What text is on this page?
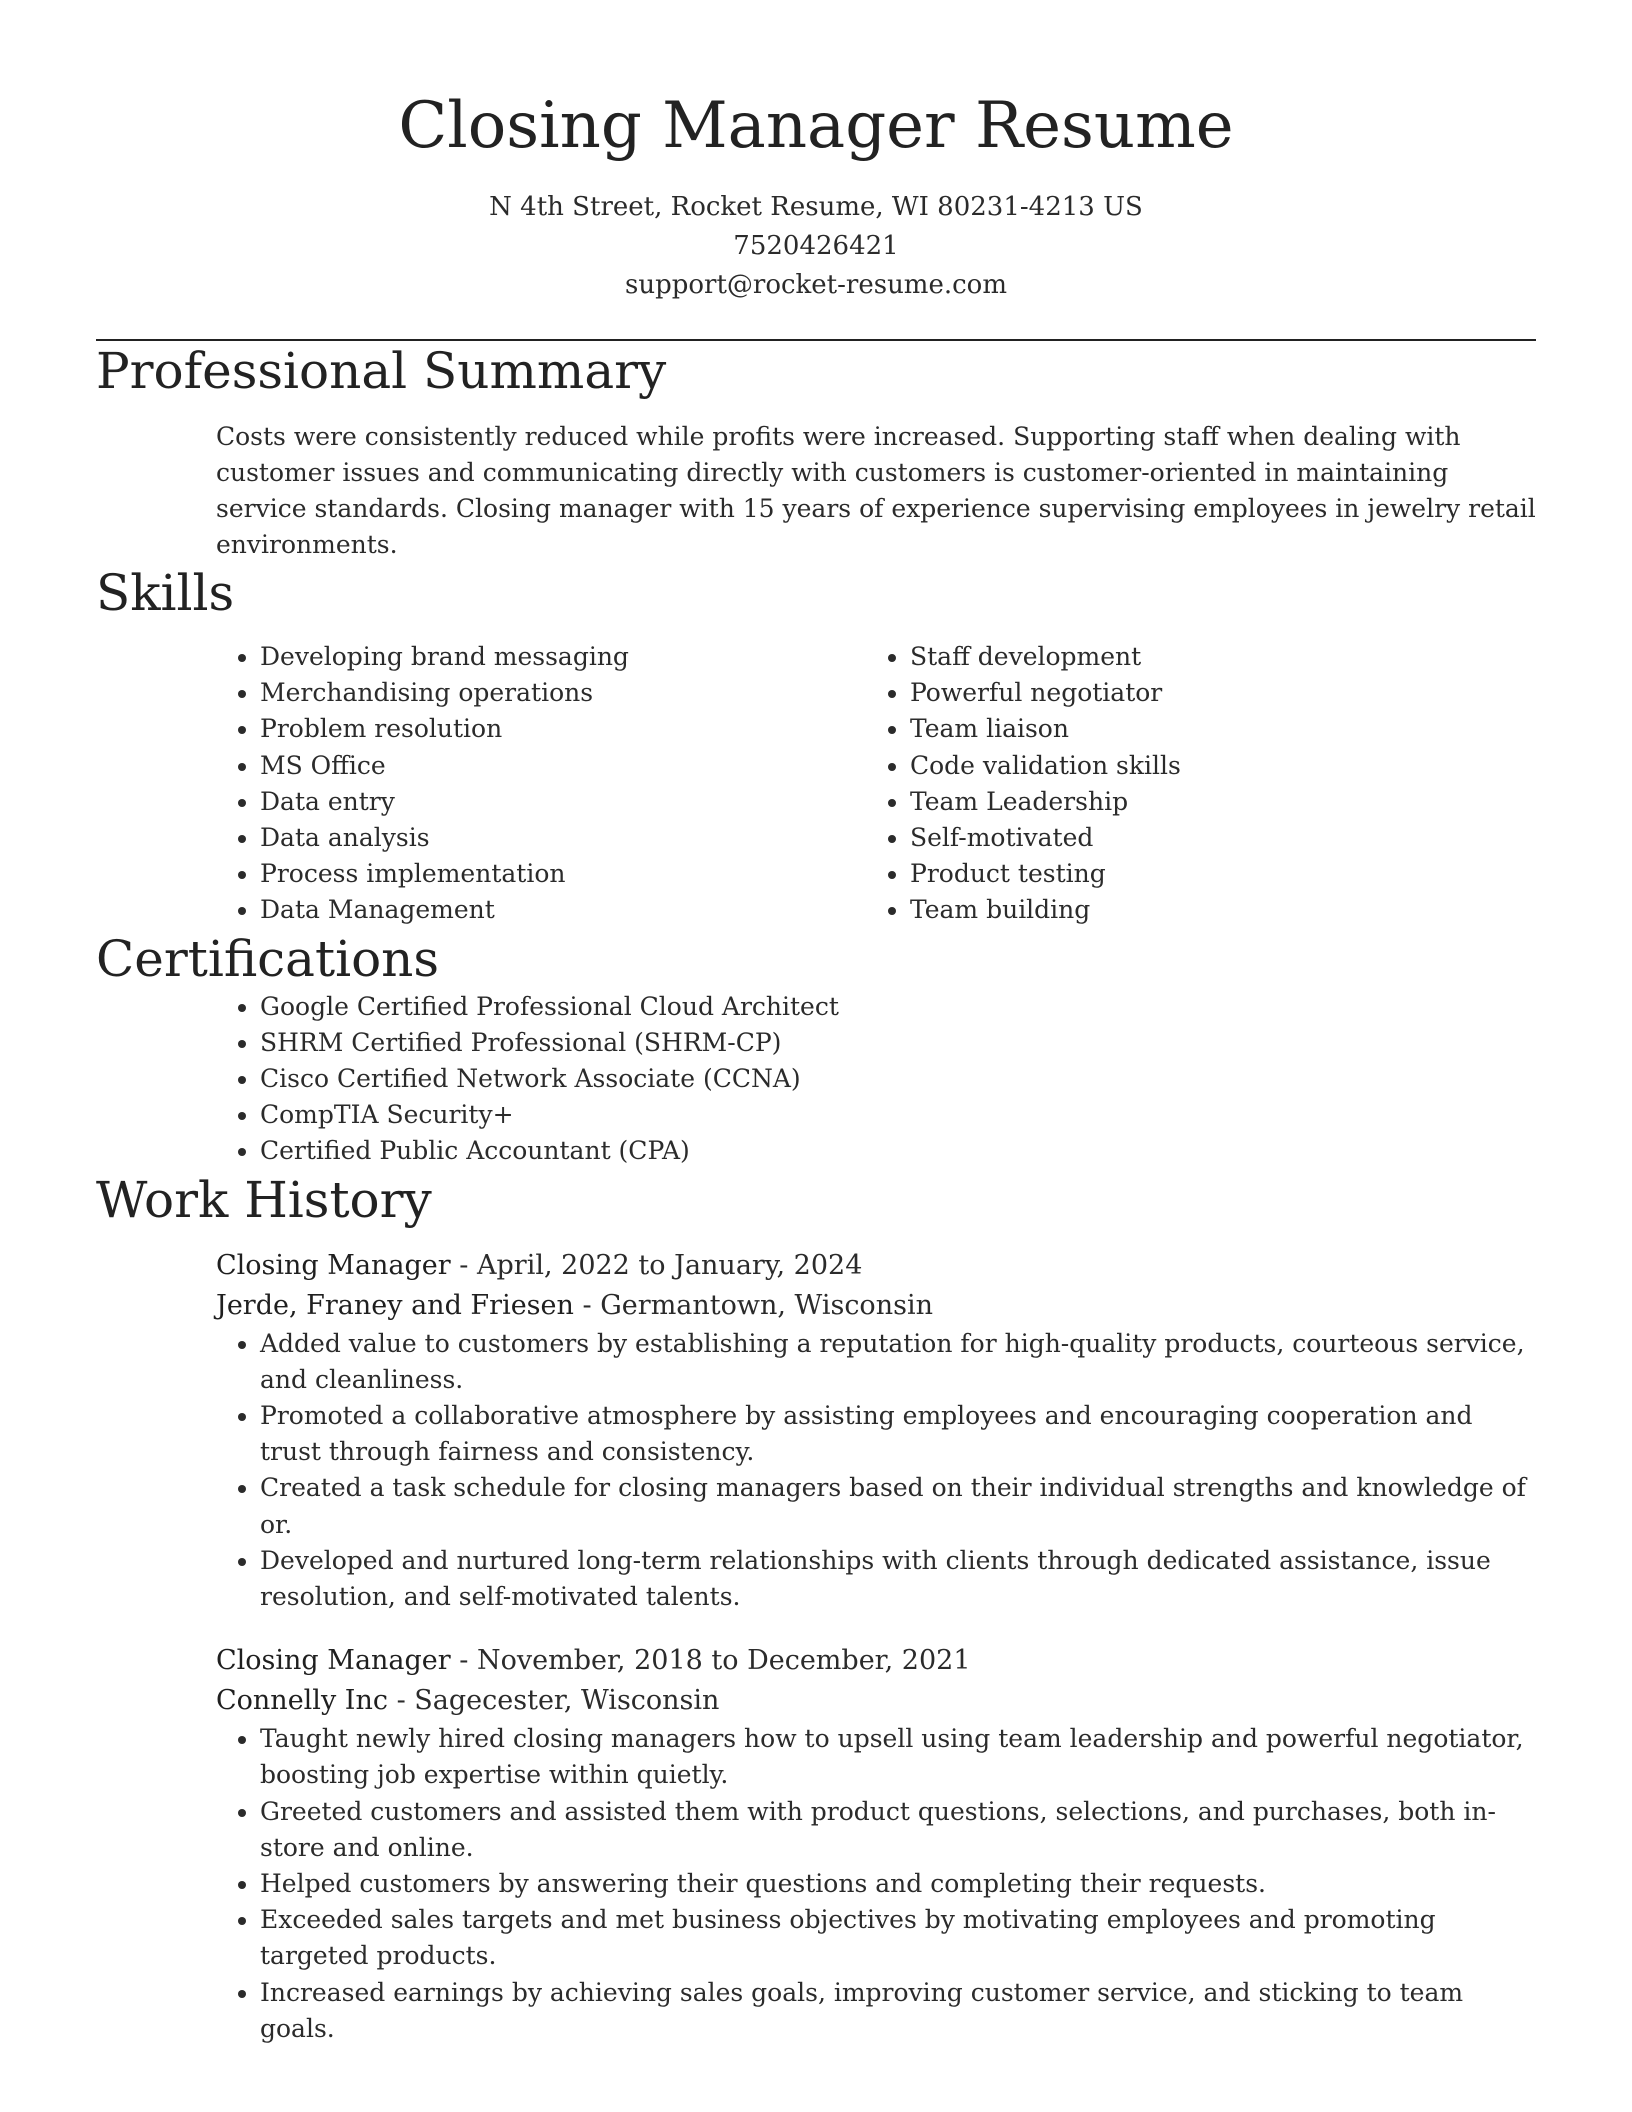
Closing Manager Resume
N 4th Street, Rocket Resume, WI 80231-4213 US
7520426421
support@rocket-resume.com
Professional Summary

Costs were consistently reduced while profits were increased. Supporting staff when dealing with customer issues and communicating directly with customers is customer-oriented in maintaining service standards. Closing manager with 15 years of experience supervising employees in jewelry retail environments.

Skills
• Developing brand messaging
• Merchandising operations
• Problem resolution
• MS Office
• Data entry
• Data analysis
• Process implementation
• Data Management
• Staff development
• Powerful negotiator
• Team liaison
• Code validation skills
• Team Leadership
• Self-motivated
• Product testing
• Team building
Certifications
• Google Certified Professional Cloud Architect
• SHRM Certified Professional (SHRM-CP)
• Cisco Certified Network Associate (CCNA)
• CompTIA Security+
• Certified Public Accountant (CPA)
Work History
Closing Manager - April, 2022 to January, 2024
Jerde, Franey and Friesen - Germantown, Wisconsin
• Added value to customers by establishing a reputation for high-quality products, courteous service, and cleanliness.
• Promoted a collaborative atmosphere by assisting employees and encouraging cooperation and trust through fairness and consistency.
• Created a task schedule for closing managers based on their individual strengths and knowledge of or.
• Developed and nurtured long-term relationships with clients through dedicated assistance, issue resolution, and self-motivated talents.
Closing Manager - November, 2018 to December, 2021
Connelly Inc - Sagecester, Wisconsin
• Taught newly hired closing managers how to upsell using team leadership and powerful negotiator, boosting job expertise within quietly.
• Greeted customers and assisted them with product questions, selections, and purchases, both in-store and online.
• Helped customers by answering their questions and completing their requests.
• Exceeded sales targets and met business objectives by motivating employees and promoting targeted products.
• Increased earnings by achieving sales goals, improving customer service, and sticking to team goals.
